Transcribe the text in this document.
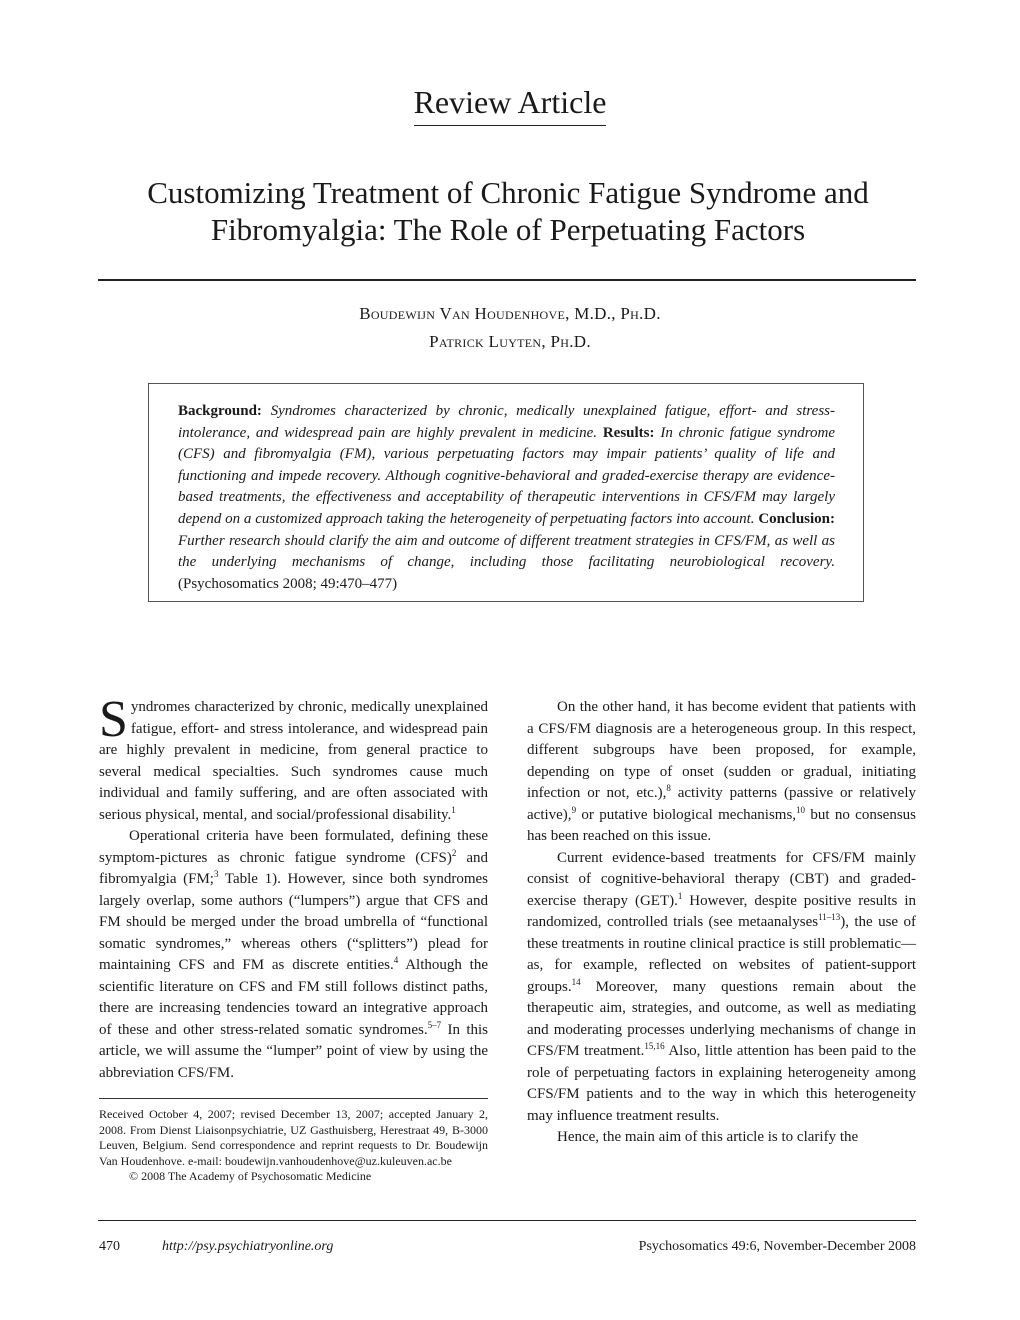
Review Article
Customizing Treatment of Chronic Fatigue Syndrome and Fibromyalgia: The Role of Perpetuating Factors
Boudewijn Van Houdenhove, M.D., Ph.D.
Patrick Luyten, Ph.D.
Background: Syndromes characterized by chronic, medically unexplained fatigue, effort- and stress-intolerance, and widespread pain are highly prevalent in medicine. Results: In chronic fatigue syndrome (CFS) and fibromyalgia (FM), various perpetuating factors may impair patients’ quality of life and functioning and impede recovery. Although cognitive-behavioral and graded-exercise therapy are evidence-based treatments, the effectiveness and acceptability of therapeutic interventions in CFS/FM may largely depend on a customized approach taking the heterogeneity of perpetuating factors into account. Conclusion: Further research should clarify the aim and outcome of different treatment strategies in CFS/FM, as well as the underlying mechanisms of change, including those facilitating neurobiological recovery. (Psychosomatics 2008; 49:470–477)

Syndromes characterized by chronic, medically unexplained fatigue, effort- and stress intolerance, and widespread pain are highly prevalent in medicine, from general practice to several medical specialties. Such syndromes cause much individual and family suffering, and are often associated with serious physical, mental, and social/professional disability.$^1$

Operational criteria have been formulated, defining these symptom-pictures as chronic fatigue syndrome (CFS)$^2$ and fibromyalgia (FM;$^3$ Table 1). However, since both syndromes largely overlap, some authors (“lumpers”) argue that CFS and FM should be merged under the broad umbrella of “functional somatic syndromes,” whereas others (“splitters”) plead for maintaining CFS and FM as discrete entities.$^4$ Although the scientific literature on CFS and FM still follows distinct paths, there are increasing tendencies toward an integrative approach of these and other stress-related somatic syndromes.$^{5-7}$ In this article, we will assume the “lumper” point of view by using the abbreviation CFS/FM.

Received October 4, 2007; revised December 13, 2007; accepted January 2, 2008. From Dienst Liaisonpsychiatrie, UZ Gasthuisberg, Herestraat 49, B-3000 Leuven, Belgium. Send correspondence and reprint requests to Dr. Boudewijn Van Houdenhove. e-mail: boudewijn.vanhoudenhove@uz.kuleuven.ac.be
© 2008 The Academy of Psychosomatic Medicine

On the other hand, it has become evident that patients with a CFS/FM diagnosis are a heterogeneous group. In this respect, different subgroups have been proposed, for example, depending on type of onset (sudden or gradual, initiating infection or not, etc.),$^8$ activity patterns (passive or relatively active),$^9$ or putative biological mechanisms,$^{10}$ but no consensus has been reached on this issue.

Current evidence-based treatments for CFS/FM mainly consist of cognitive-behavioral therapy (CBT) and graded-exercise therapy (GET).$^1$ However, despite positive results in randomized, controlled trials (see metaanalyses$^{11-13}$), the use of these treatments in routine clinical practice is still problematic—as, for example, reflected on websites of patient-support groups.$^{14}$ Moreover, many questions remain about the therapeutic aim, strategies, and outcome, as well as mediating and moderating processes underlying mechanisms of change in CFS/FM treatment.$^{15,16}$ Also, little attention has been paid to the role of perpetuating factors in explaining heterogeneity among CFS/FM patients and to the way in which this heterogeneity may influence treatment results.

Hence, the main aim of this article is to clarify the

470	http://psy.psychiatryonline.org	Psychosomatics 49:6, November-December 2008
